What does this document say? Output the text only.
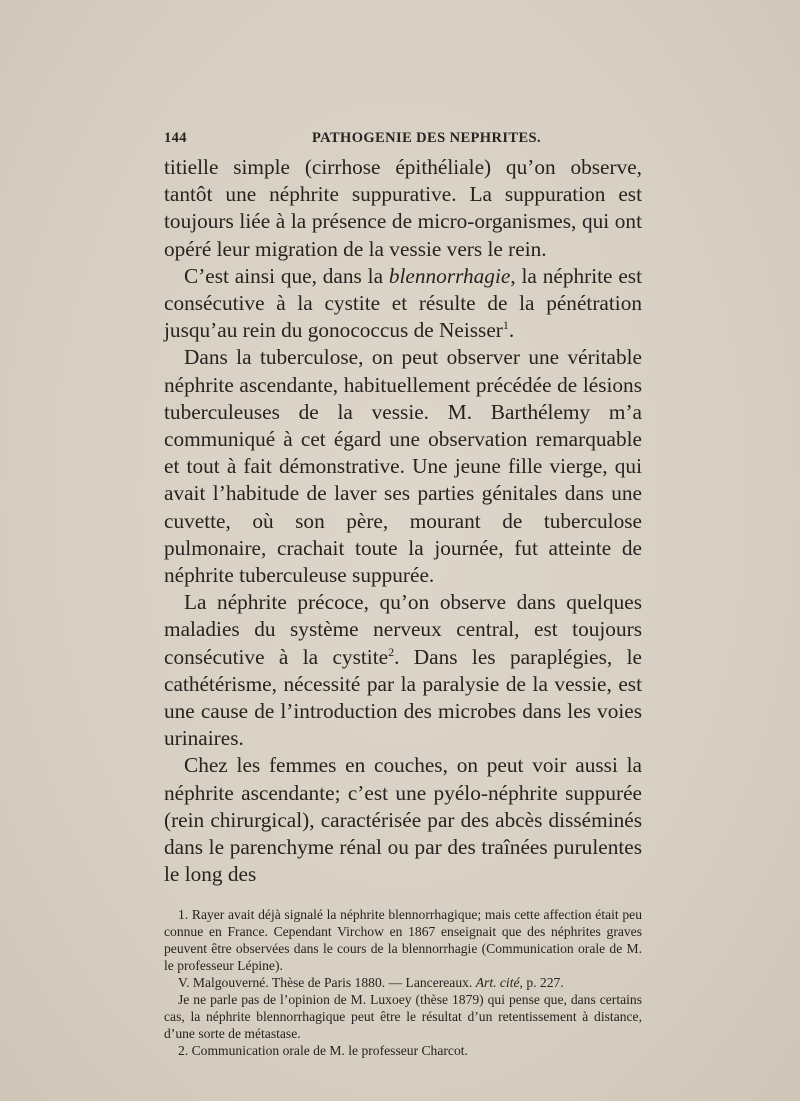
144	PATHOGENIE DES NEPHRITES.

titielle simple (cirrhose épithéliale) qu’on observe, tantôt une néphrite suppurative. La suppuration est toujours liée à la présence de micro-organismes, qui ont opéré leur migration de la vessie vers le rein.

C’est ainsi que, dans la blennorrhagie, la néphrite est consécutive à la cystite et résulte de la pénétration jusqu’au rein du gonococcus de Neisser$^1$.

Dans la tuberculose, on peut observer une véritable néphrite ascendante, habituellement précédée de lésions tuberculeuses de la vessie. M. Barthélemy m’a communiqué à cet égard une observation remarquable et tout à fait démonstrative. Une jeune fille vierge, qui avait l’habitude de laver ses parties génitales dans une cuvette, où son père, mourant de tuberculose pulmonaire, crachait toute la journée, fut atteinte de néphrite tuberculeuse suppurée.

La néphrite précoce, qu’on observe dans quelques maladies du système nerveux central, est toujours consécutive à la cystite$^2$. Dans les paraplégies, le cathétérisme, nécessité par la paralysie de la vessie, est une cause de l’introduction des microbes dans les voies urinaires.

Chez les femmes en couches, on peut voir aussi la néphrite ascendante; c’est une pyélo-néphrite suppurée (rein chirurgical), caractérisée par des abcès disséminés dans le parenchyme rénal ou par des traînées purulentes le long des

1. Rayer avait déjà signalé la néphrite blennorrhagique; mais cette affection était peu connue en France. Cependant Virchow en 1867 enseignait que des néphrites graves peuvent être observées dans le cours de la blennorrhagie (Communication orale de M. le professeur Lépine).

V. Malgouverné. Thèse de Paris 1880. — Lancereaux. Art. cité, p. 227.

Je ne parle pas de l’opinion de M. Luxoey (thèse 1879) qui pense que, dans certains cas, la néphrite blennorrhagique peut être le résultat d’un retentissement à distance, d’une sorte de métastase.

2. Communication orale de M. le professeur Charcot.
